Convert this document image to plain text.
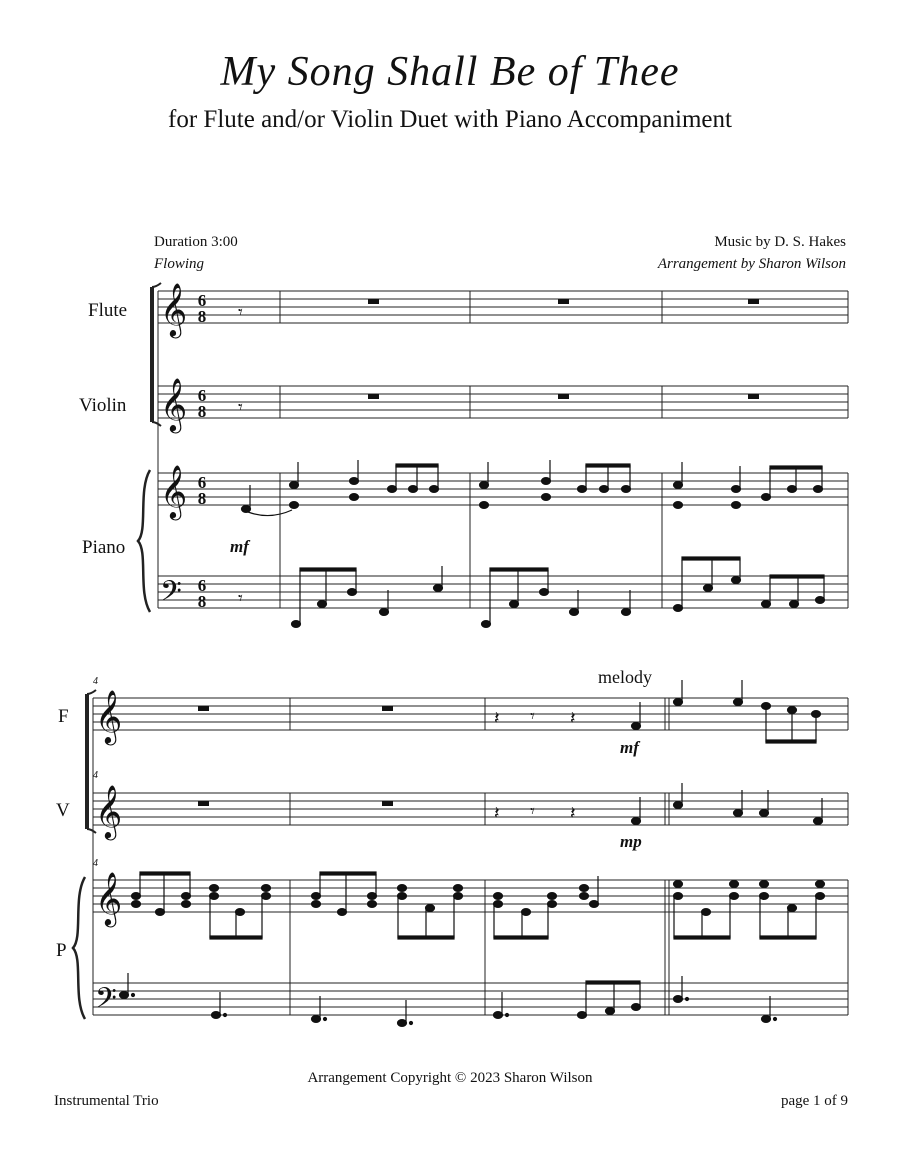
My Song Shall Be of Thee
for Flute and/or Violin Duet with Piano Accompaniment
Duration 3:00
Flowing
Music by D. S. Hakes
Arrangement by Sharon Wilson
Flute
Violin
Piano
F
V
P
𝄞
𝄞
𝄞
𝄢
𝄞
𝄞
𝄞
𝄢
6
8
6
8
6
8
6
8
𝄾
𝄾
𝄾
𝄽 𝄾 𝄽
𝄽 𝄾 𝄽
mf
mf
mp
melody
4
4
4
Arrangement Copyright © 2023 Sharon Wilson
Instrumental Trio	page 1 of 9
